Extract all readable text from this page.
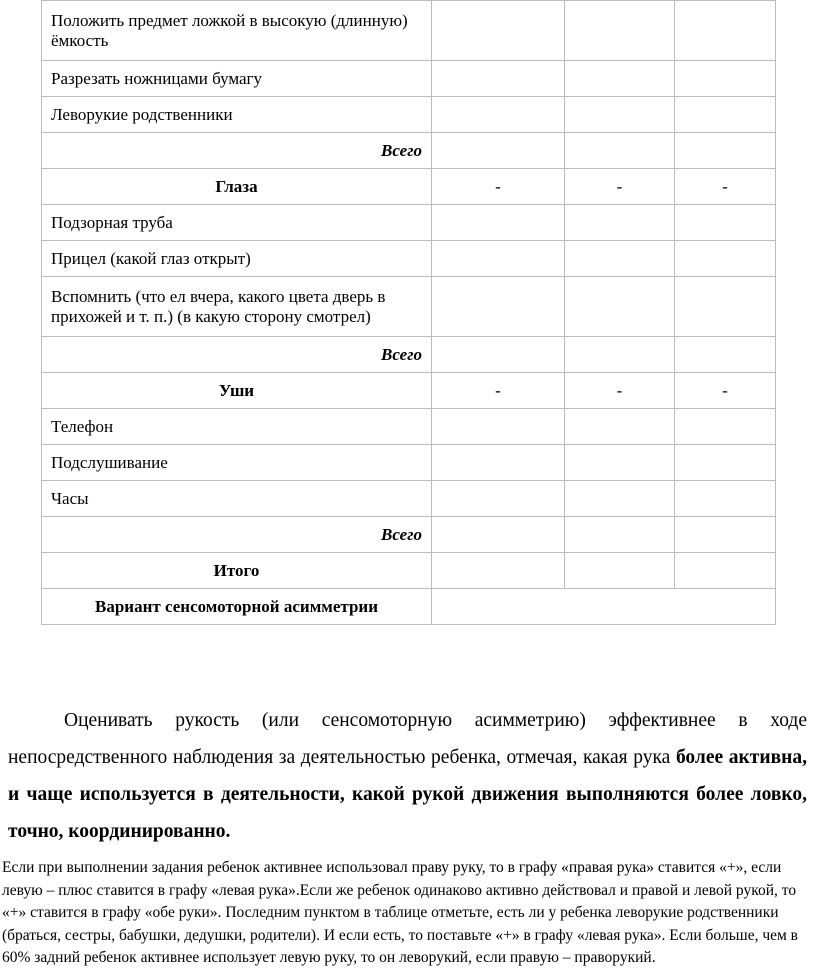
Положить предмет ложкой в высокую (длинную) ёмкость			
Разрезать ножницами бумагу			
Леворукие родственники			
Всего			
Глаза	-	-	-
Подзорная труба			
Прицел (какой глаз открыт)			
Вспомнить (что ел вчера, какого цвета дверь в прихожей и т. п.) (в какую сторону смотрел)			
Всего			
Уши	-	-	-
Телефон			
Подслушивание			
Часы			
Всего			
Итого			
Вариант сенсомоторной асимметрии			

Оценивать рукость (или сенсомоторную асимметрию) эффективнее в ходе непосредственного наблюдения за деятельностью ребенка, отмечая, какая рука более активна, и чаще используется в деятельности, какой рукой движения выполняются более ловко, точно, координированно.

Если при выполнении задания ребенок активнее использовал праву руку, то в графу «правая рука» ставится «+», если левую – плюс ставится в графу «левая рука».Если же ребенок одинаково активно действовал и правой и левой рукой, то «+» ставится в графу «обе руки». Последним пунктом в таблице отметьте, есть ли у ребенка леворукие родственники (браться, сестры, бабушки, дедушки, родители). И если есть, то поставьте «+» в графу «левая рука». Если больше, чем в 60% задний ребенок активнее использует левую руку, то он леворукий, если правую – праворукий.
